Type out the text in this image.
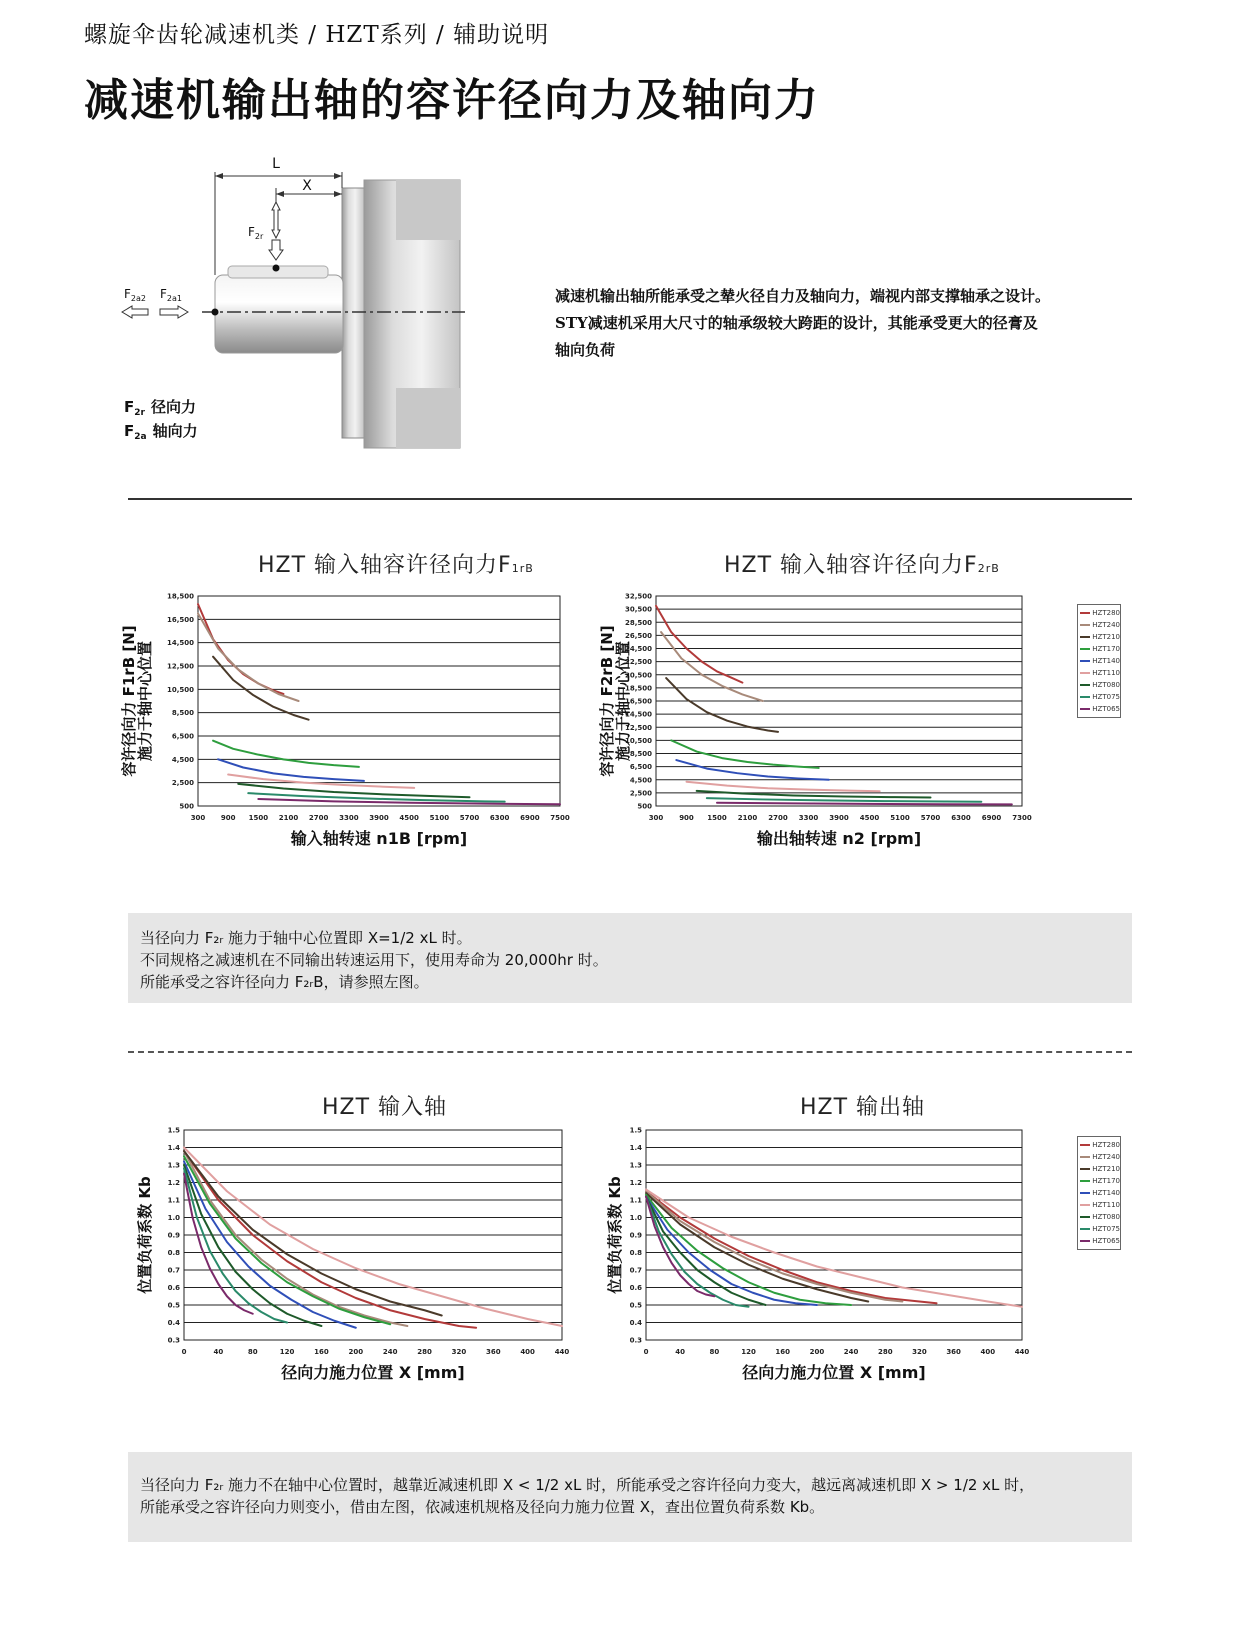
螺旋伞齿轮减速机类 / HZT系列 / 辅助说明
减速机输出轴的容许径向力及轴向力
L
X
$F_{2r}$
$F_{2a2}$ $F_{2a1}$
$F_{2r}$ 径向力
$F_{2a}$ 轴向力
减速机输出轴所能承受之辇火径自力及轴向力，端视内部支撑轴承之设计。
STY减速机采用大尺寸的轴承级较大跨距的设计，其能承受更大的径膏及
轴向负荷
HZT 输入轴容许径向力F1rB	HZT 输入轴容许径向力F2rB
500
2,500
4,500
6,500
8,500
10,500
12,500
14,500
16,500
18,500
300 900 1500 2100 2700 3300 3900 4500 5100 5700 6300 6900 7500
输入轴转速 n1B [rpm]
容许径向力 F1rB [N]
施力于轴中心位置
500
2,500
4,500
6,500
8,500
10,500
12,500
14,500
16,500
18,500
20,500
22,500
24,500
26,500
28,500
30,500
32,500
300 900 1500 2100 2700 3300 3900 4500 5100 5700 6300 6900 7300
输出轴转速 n2 [rpm]
容许径向力 F2rB [N]
施力于轴中心位置
HZT280
HZT240
HZT210
HZT170
HZT140
HZT110
HZT080
HZT075
HZT065
当径向力 F₂ᵣ 施力于轴中心位置即 X=1/2 xL 时。
不同规格之减速机在不同输出转速运用下，使用寿命为 20,000hr 时。
所能承受之容许径向力 F₂ᵣB，请参照左图。
HZT 输入轴	HZT 输出轴
0.3
0.4
0.5
0.6
0.7
0.8
0.9
1.0
1.1
1.2
1.3
1.4
1.5
0	40	80	120	160	200	240	280	320	360	400	440
径向力施力位置 X [mm]
位置负荷系数 Kb
0.3
0.4
0.5
0.6
0.7
0.8
0.9
1.0
1.1
1.2
1.3
1.4
1.5
0	40	80	120	160	200	240	280	320	360	400	440
径向力施力位置 X [mm]
位置负荷系数 Kb
HZT280
HZT240
HZT210
HZT170
HZT140
HZT110
HZT080
HZT075
HZT065
当径向力 F₂ᵣ 施力不在轴中心位置时，越靠近减速机即 X < 1/2 xL 时，所能承受之容许径向力变大，越远离减速机即 X > 1/2 xL 时，
所能承受之容许径向力则变小，借由左图，依减速机规格及径向力施力位置 X，查出位置负荷系数 Kb。
